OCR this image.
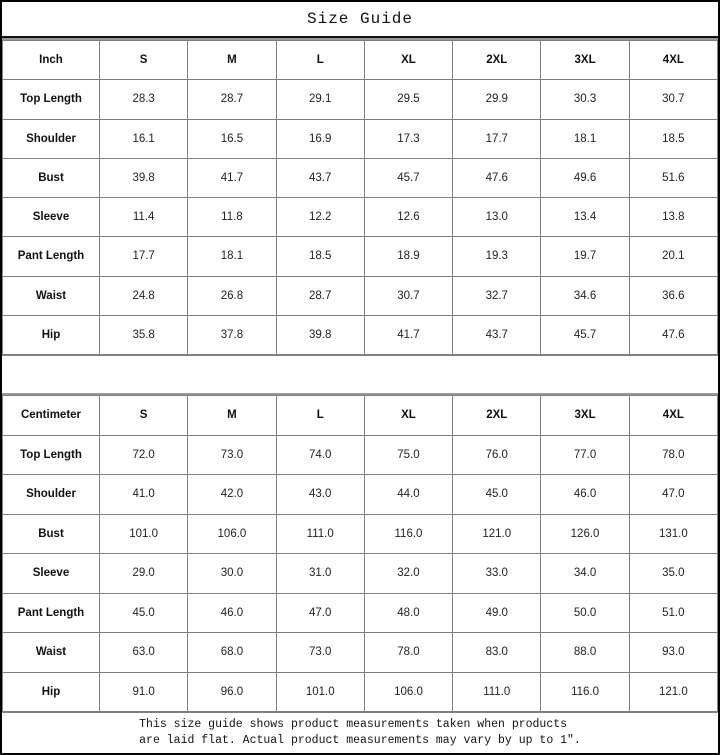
Size Guide
Inch	S	M	L	XL	2XL	3XL	4XL
Top Length	28.3	28.7	29.1	29.5	29.9	30.3	30.7
Shoulder	16.1	16.5	16.9	17.3	17.7	18.1	18.5
Bust	39.8	41.7	43.7	45.7	47.6	49.6	51.6
Sleeve	11.4	11.8	12.2	12.6	13.0	13.4	13.8
Pant Length	17.7	18.1	18.5	18.9	19.3	19.7	20.1
Waist	24.8	26.8	28.7	30.7	32.7	34.6	36.6
Hip	35.8	37.8	39.8	41.7	43.7	45.7	47.6
Centimeter	S	M	L	XL	2XL	3XL	4XL
Top Length	72.0	73.0	74.0	75.0	76.0	77.0	78.0
Shoulder	41.0	42.0	43.0	44.0	45.0	46.0	47.0
Bust	101.0	106.0	111.0	116.0	121.0	126.0	131.0
Sleeve	29.0	30.0	31.0	32.0	33.0	34.0	35.0
Pant Length	45.0	46.0	47.0	48.0	49.0	50.0	51.0
Waist	63.0	68.0	73.0	78.0	83.0	88.0	93.0
Hip	91.0	96.0	101.0	106.0	111.0	116.0	121.0
This size guide shows product measurements taken when products
are laid flat. Actual product measurements may vary by up to 1″.
